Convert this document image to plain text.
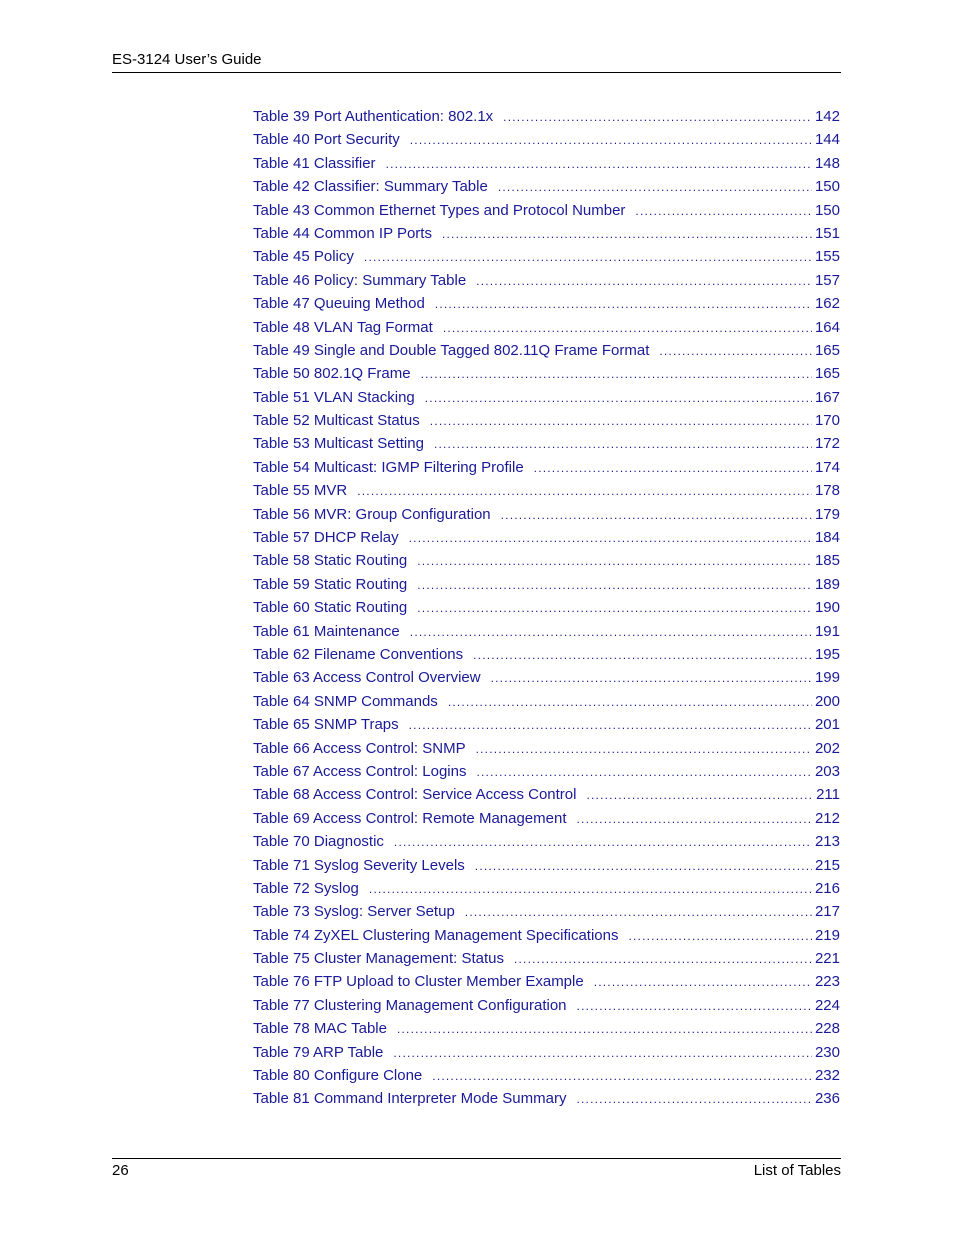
ES-3124 User’s Guide
Table 39 Port Authentication: 802.1x .....	142
Table 40 Port Security .....	144
Table 41 Classifier .....	148
Table 42 Classifier: Summary Table .....	150
Table 43 Common Ethernet Types and Protocol Number .....	150
Table 44 Common IP Ports .....	151
Table 45 Policy .....	155
Table 46 Policy: Summary Table .....	157
Table 47 Queuing Method .....	162
Table 48 VLAN Tag Format .....	164
Table 49 Single and Double Tagged 802.11Q Frame Format .....	165
Table 50 802.1Q Frame .....	165
Table 51 VLAN Stacking .....	167
Table 52 Multicast Status .....	170
Table 53 Multicast Setting .....	172
Table 54 Multicast: IGMP Filtering Profile .....	174
Table 55 MVR .....	178
Table 56 MVR: Group Configuration .....	179
Table 57 DHCP Relay .....	184
Table 58 Static Routing .....	185
Table 59 Static Routing .....	189
Table 60 Static Routing .....	190
Table 61 Maintenance .....	191
Table 62 Filename Conventions .....	195
Table 63 Access Control Overview .....	199
Table 64 SNMP Commands .....	200
Table 65 SNMP Traps .....	201
Table 66 Access Control: SNMP .....	202
Table 67 Access Control: Logins .....	203
Table 68 Access Control: Service Access Control .....	211
Table 69 Access Control: Remote Management .....	212
Table 70 Diagnostic .....	213
Table 71 Syslog Severity Levels .....	215
Table 72 Syslog .....	216
Table 73 Syslog: Server Setup .....	217
Table 74 ZyXEL Clustering Management Specifications .....	219
Table 75 Cluster Management: Status .....	221
Table 76 FTP Upload to Cluster Member Example .....	223
Table 77 Clustering Management Configuration .....	224
Table 78 MAC Table .....	228
Table 79 ARP Table .....	230
Table 80 Configure Clone .....	232
Table 81 Command Interpreter Mode Summary .....	236
26	List of Tables
